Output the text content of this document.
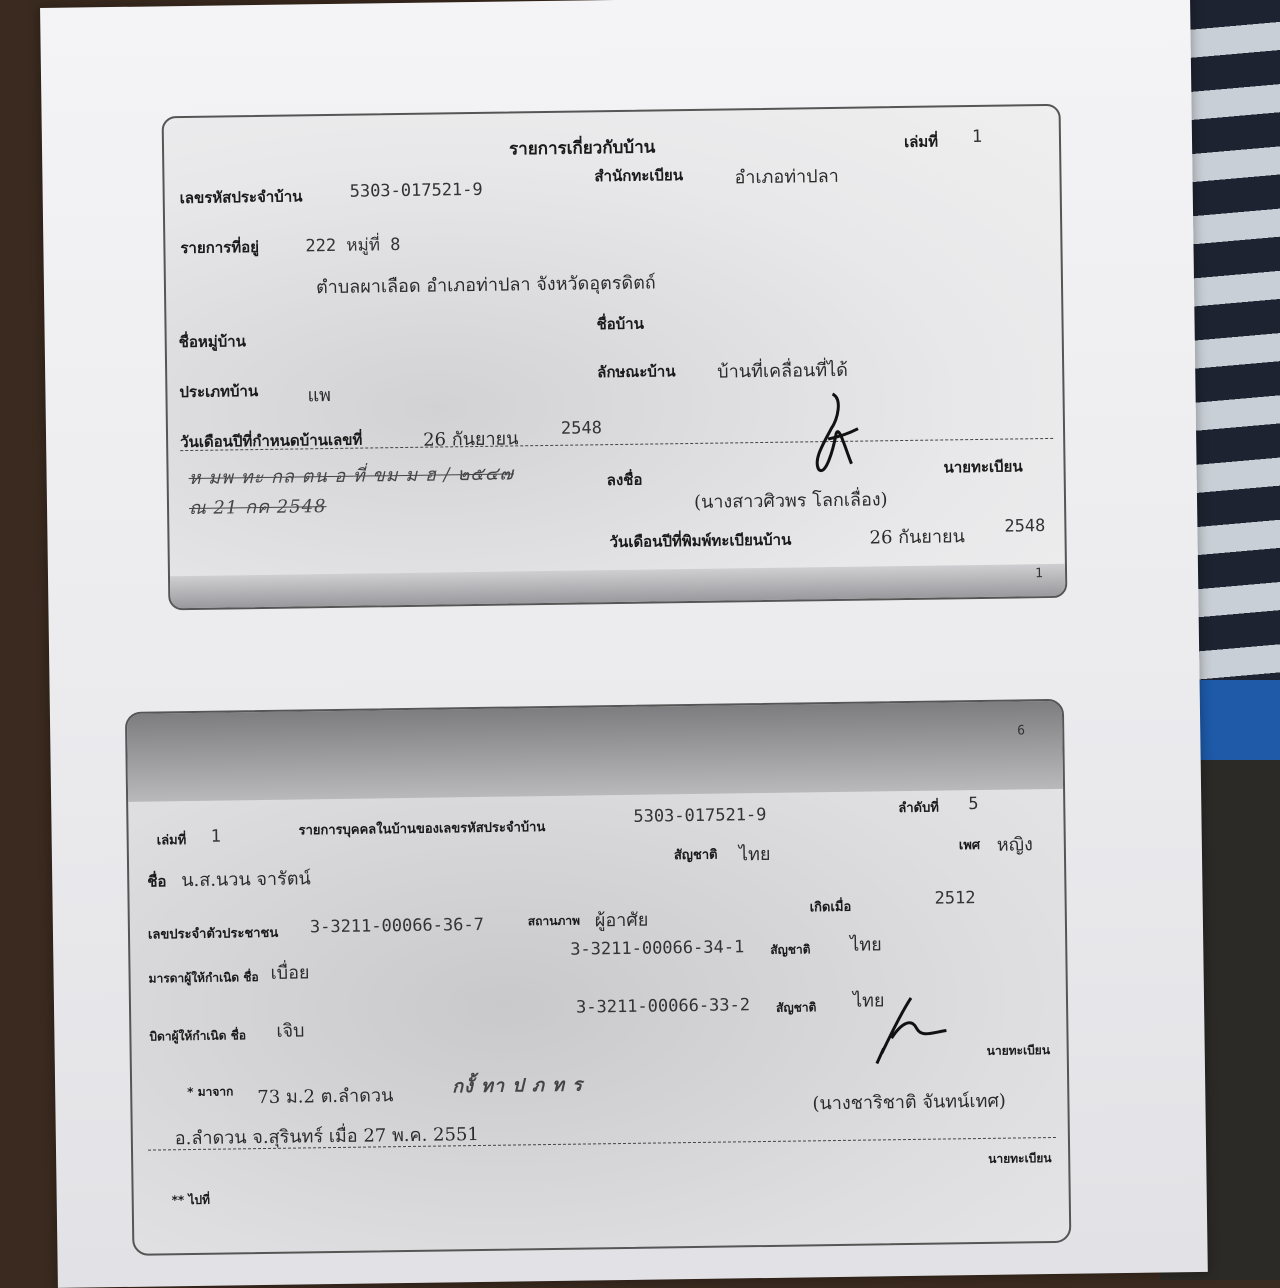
รายการเกี่ยวกับบ้าน	เล่มที่ 1
สำนักทะเบียน	อำเภอท่าปลา
เลขรหัสประจำบ้าน	5303-017521-9
รายการที่อยู่	222 หมู่ที่ 8
ตำบลผาเลือด อำเภอท่าปลา จังหวัดอุตรดิตถ์
ชื่อบ้าน
ชื่อหมู่บ้าน
ลักษณะบ้าน บ้านที่เคลื่อนที่ได้
ประเภทบ้าน	แพ
วันเดือนปีที่กำหนดบ้านเลขที่	26 กันยายน 2548
ห มพ ทะ กล ตน อ ที่ ขม ม ฮ / ๒๕๔๗
ณ 21 กค 2548
ลงชื่อ
นายทะเบียน
(นางสาวศิวพร โลกเลื่อง)
วันเดือนปีที่พิมพ์ทะเบียนบ้าน	26 กันยายน 2548
1
6
เล่มที่ 1	รายการบุคคลในบ้านของเลขรหัสประจำบ้าน
5303-017521-9	ลำดับที่ 5
ชื่อ น.ส.นวน จารัตน์
สัญชาติ ไทย	เพศ หญิง
เลขประจำตัวประชาชน 3-3211-00066-36-7	สถานภาพ ผู้อาศัย
เกิดเมื่อ	2512
มารดาผู้ให้กำเนิด ชื่อ เบื่อย
3-3211-00066-34-1 สัญชาติ ไทย
บิดาผู้ให้กำเนิด ชื่อ เจิบ
3-3211-00066-33-2 สัญชาติ ไทย
นายทะเบียน
* มาจาก 73 ม.2 ต.ลำดวน	กงั้ ทา ป ภ ท ร
อ.ลำดวน จ.สุรินทร์ เมื่อ 27 พ.ค. 2551
(นางชาริชาติ จันทน์เทศ)
นายทะเบียน
** ไปที่
